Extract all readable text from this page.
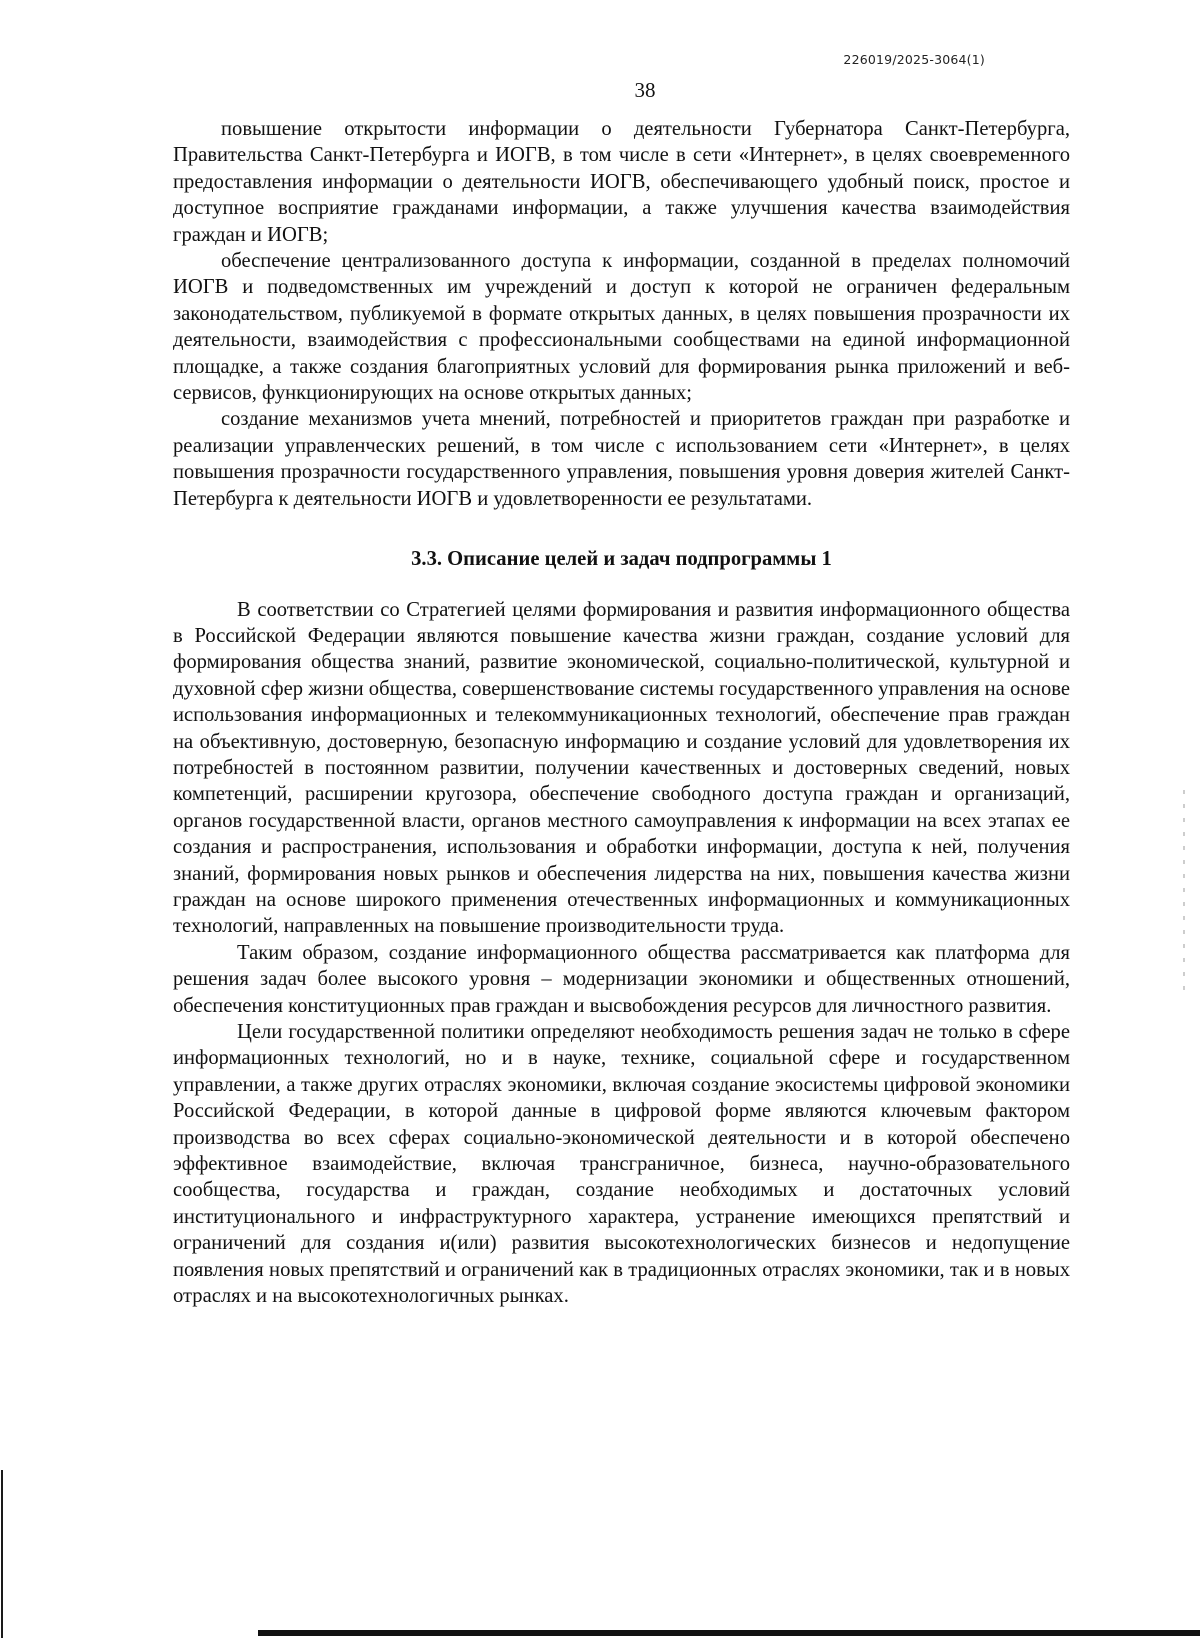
226019/2025-3064(1)
38

повышение открытости информации о деятельности Губернатора Санкт-Петербурга, Правительства Санкт-Петербурга и ИОГВ, в том числе в сети «Интернет», в целях своевременного предоставления информации о деятельности ИОГВ, обеспечивающего удобный поиск, простое и доступное восприятие гражданами информации, а также улучшения качества взаимодействия граждан и ИОГВ;

обеспечение централизованного доступа к информации, созданной в пределах полномочий ИОГВ и подведомственных им учреждений и доступ к которой не ограничен федеральным законодательством, публикуемой в формате открытых данных, в целях повышения прозрачности их деятельности, взаимодействия с профессиональными сообществами на единой информационной площадке, а также создания благоприятных условий для формирования рынка приложений и веб-сервисов, функционирующих на основе открытых данных;

создание механизмов учета мнений, потребностей и приоритетов граждан при разработке и реализации управленческих решений, в том числе с использованием сети «Интернет», в целях повышения прозрачности государственного управления, повышения уровня доверия жителей Санкт-Петербурга к деятельности ИОГВ и удовлетворенности ее результатами.

3.3. Описание целей и задач подпрограммы 1

В соответствии со Стратегией целями формирования и развития информационного общества в Российской Федерации являются повышение качества жизни граждан, создание условий для формирования общества знаний, развитие экономической, социально-политической, культурной и духовной сфер жизни общества, совершенствование системы государственного управления на основе использования информационных и телекоммуникационных технологий, обеспечение прав граждан на объективную, достоверную, безопасную информацию и создание условий для удовлетворения их потребностей в постоянном развитии, получении качественных и достоверных сведений, новых компетенций, расширении кругозора, обеспечение свободного доступа граждан и организаций, органов государственной власти, органов местного самоуправления к информации на всех этапах ее создания и распространения, использования и обработки информации, доступа к ней, получения знаний, формирования новых рынков и обеспечения лидерства на них, повышения качества жизни граждан на основе широкого применения отечественных информационных и коммуникационных технологий, направленных на повышение производительности труда.

Таким образом, создание информационного общества рассматривается как платформа для решения задач более высокого уровня – модернизации экономики и общественных отношений, обеспечения конституционных прав граждан и высвобождения ресурсов для личностного развития.

Цели государственной политики определяют необходимость решения задач не только в сфере информационных технологий, но и в науке, технике, социальной сфере и государственном управлении, а также других отраслях экономики, включая создание экосистемы цифровой экономики Российской Федерации, в которой данные в цифровой форме являются ключевым фактором производства во всех сферах социально-экономической деятельности и в которой обеспечено эффективное взаимодействие, включая трансграничное, бизнеса, научно-образовательного сообщества, государства и граждан, создание необходимых и достаточных условий институционального и инфраструктурного характера, устранение имеющихся препятствий и ограничений для создания и(или) развития высокотехнологических бизнесов и недопущение появления новых препятствий и ограничений как в традиционных отраслях экономики, так и в новых отраслях и на высокотехнологичных рынках.
